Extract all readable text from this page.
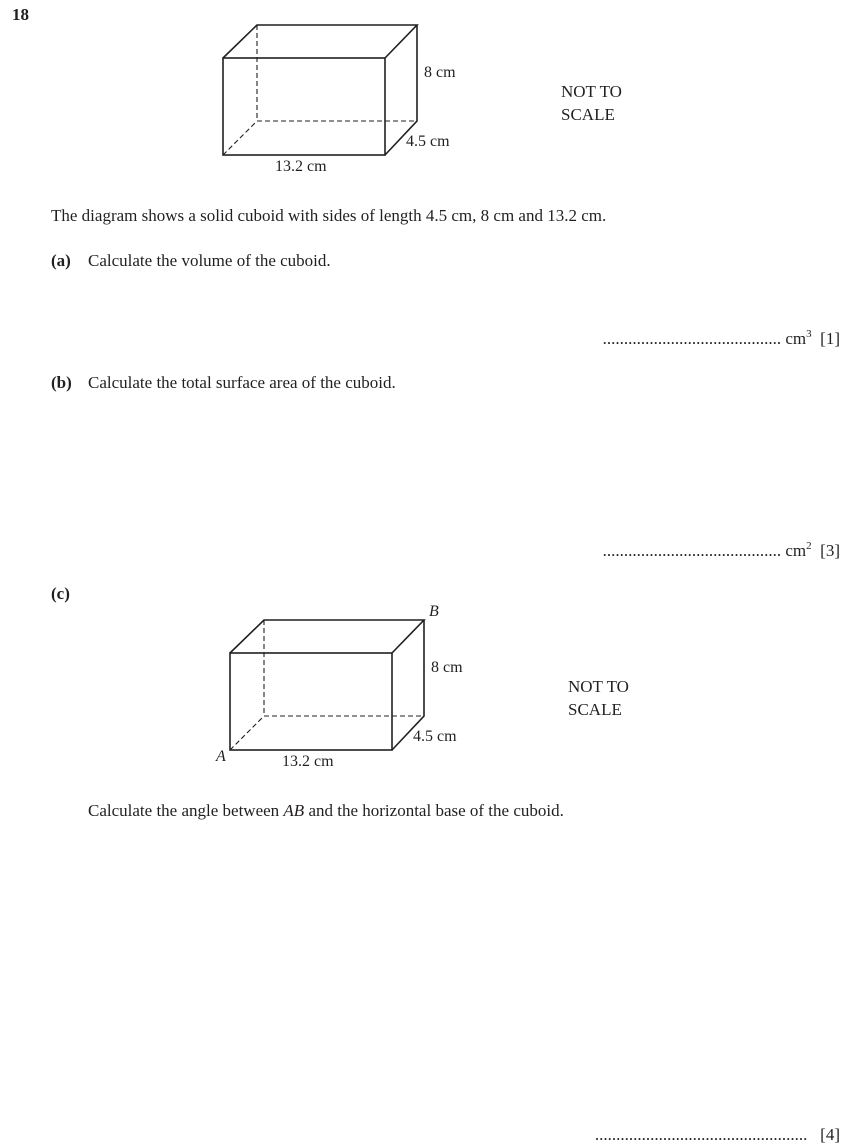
18
8 cm
4.5 cm
13.2 cm
NOT TO
SCALE
The diagram shows a solid cuboid with sides of length 4.5 cm, 8 cm and 13.2 cm.
(a) Calculate the volume of the cuboid.
.......................................... $cm^3$ [1]
(b) Calculate the total surface area of the cuboid.
.......................................... $cm^2$ [3]
(c)
B
A
8 cm
4.5 cm
13.2 cm
NOT TO
SCALE
Calculate the angle between AB and the horizontal base of the cuboid.
.................................................. [4]
